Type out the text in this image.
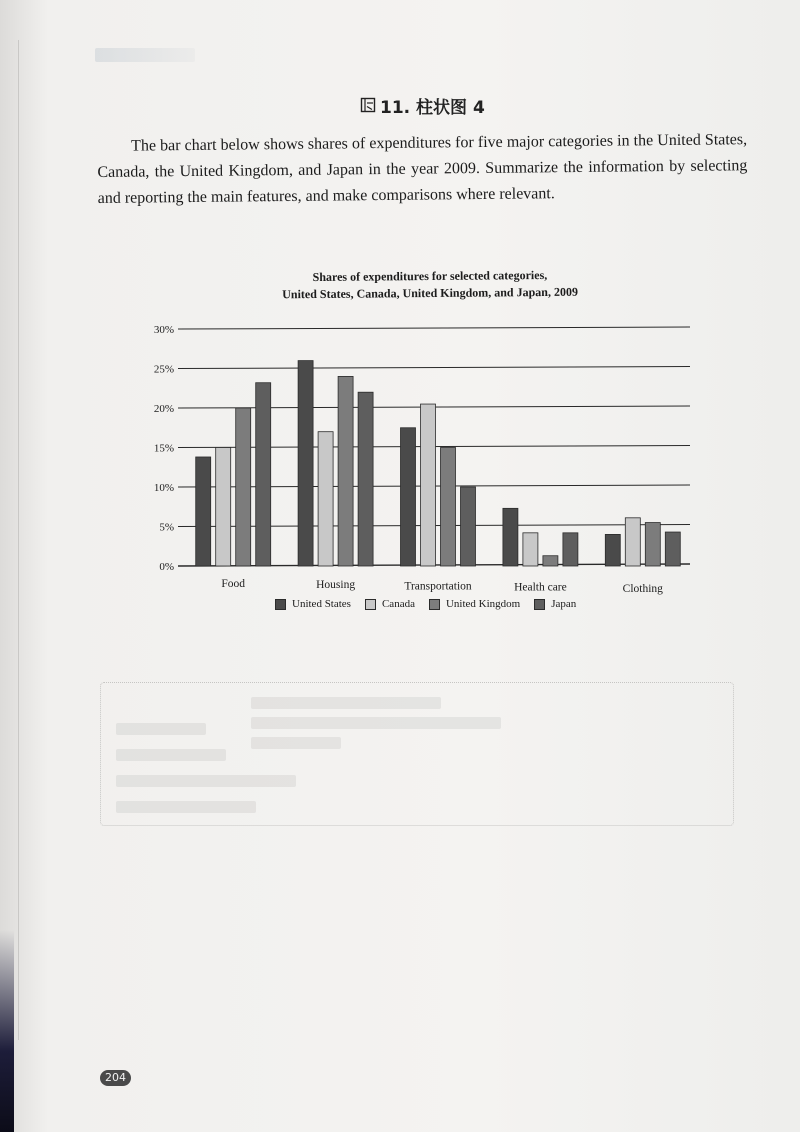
11. 柱状图 4

The bar chart below shows shares of expenditures for five major categories in the United States, Canada, the United Kingdom, and Japan in the year 2009. Summarize the information by selecting and reporting the main features, and make comparisons where relevant.

Shares of expenditures for selected categories,
United States, Canada, United Kingdom, and Japan, 2009
0%
5%
10%
15%
20%
25%
30%
Food	Housing	Transportation	Health care	Clothing
United States	Canada	United Kingdom	Japan
204
